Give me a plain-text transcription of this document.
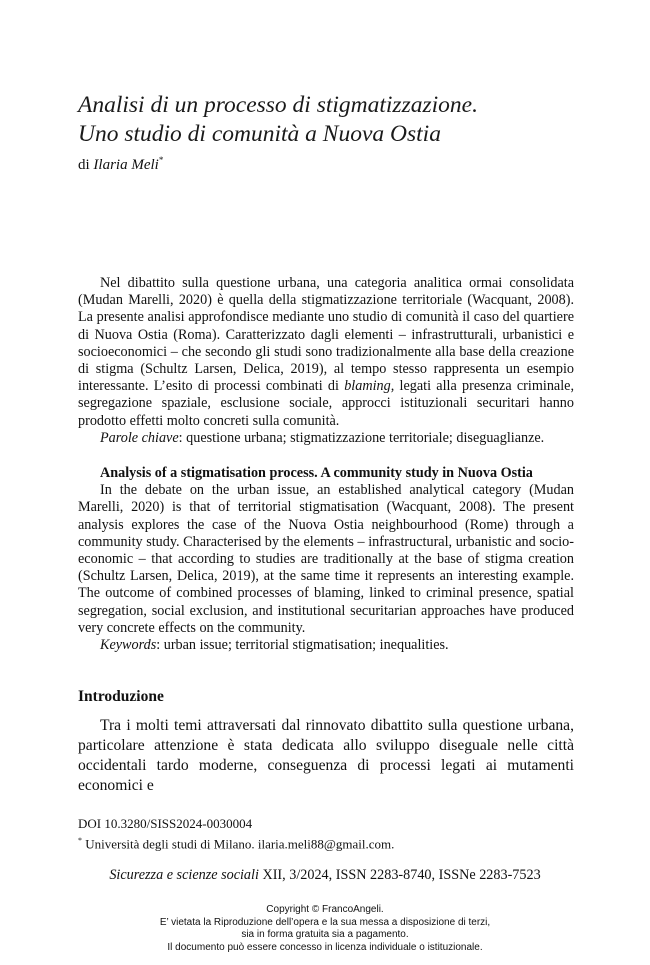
Analisi di un processo di stigmatizzazione.
Uno studio di comunità a Nuova Ostia
di Ilaria Meli*

Nel dibattito sulla questione urbana, una categoria analitica ormai consolidata (Mudan Marelli, 2020) è quella della stigmatizzazione territoriale (Wacquant, 2008). La presente analisi approfondisce mediante uno studio di comunità il caso del quartiere di Nuova Ostia (Roma). Caratterizzato dagli elementi – infrastrutturali, urbanistici e socioeconomici – che secondo gli studi sono tradizionalmente alla base della creazione di stigma (Schultz Larsen, Delica, 2019), al tempo stesso rappresenta un esempio interessante. L’esito di processi combinati di blaming, legati alla presenza criminale, segregazione spaziale, esclusione sociale, approcci istituzionali securitari hanno prodotto effetti molto concreti sulla comunità.

Parole chiave: questione urbana; stigmatizzazione territoriale; diseguaglianze.

Analysis of a stigmatisation process. A community study in Nuova Ostia

In the debate on the urban issue, an established analytical category (Mudan Marelli, 2020) is that of territorial stigmatisation (Wacquant, 2008). The present analysis explores the case of the Nuova Ostia neighbourhood (Rome) through a community study. Characterised by the elements – infrastructural, urbanistic and socio-economic – that according to studies are traditionally at the base of stigma creation (Schultz Larsen, Delica, 2019), at the same time it represents an interesting example. The outcome of combined processes of blaming, linked to criminal presence, spatial segregation, social exclusion, and institutional securitarian approaches have produced very concrete effects on the community.

Keywords: urban issue; territorial stigmatisation; inequalities.

Introduzione

Tra i molti temi attraversati dal rinnovato dibattito sulla questione urbana, particolare attenzione è stata dedicata allo sviluppo diseguale nelle città occidentali tardo moderne, conseguenza di processi legati ai mutamenti economici e

DOI 10.3280/SISS2024-0030004
* Università degli studi di Milano. ilaria.meli88@gmail.com.
Sicurezza e scienze sociali XII, 3/2024, ISSN 2283-8740, ISSNe 2283-7523
Copyright © FrancoAngeli.
E’ vietata la Riproduzione dell’opera e la sua messa a disposizione di terzi,
sia in forma gratuita sia a pagamento.
Il documento può essere concesso in licenza individuale o istituzionale.
